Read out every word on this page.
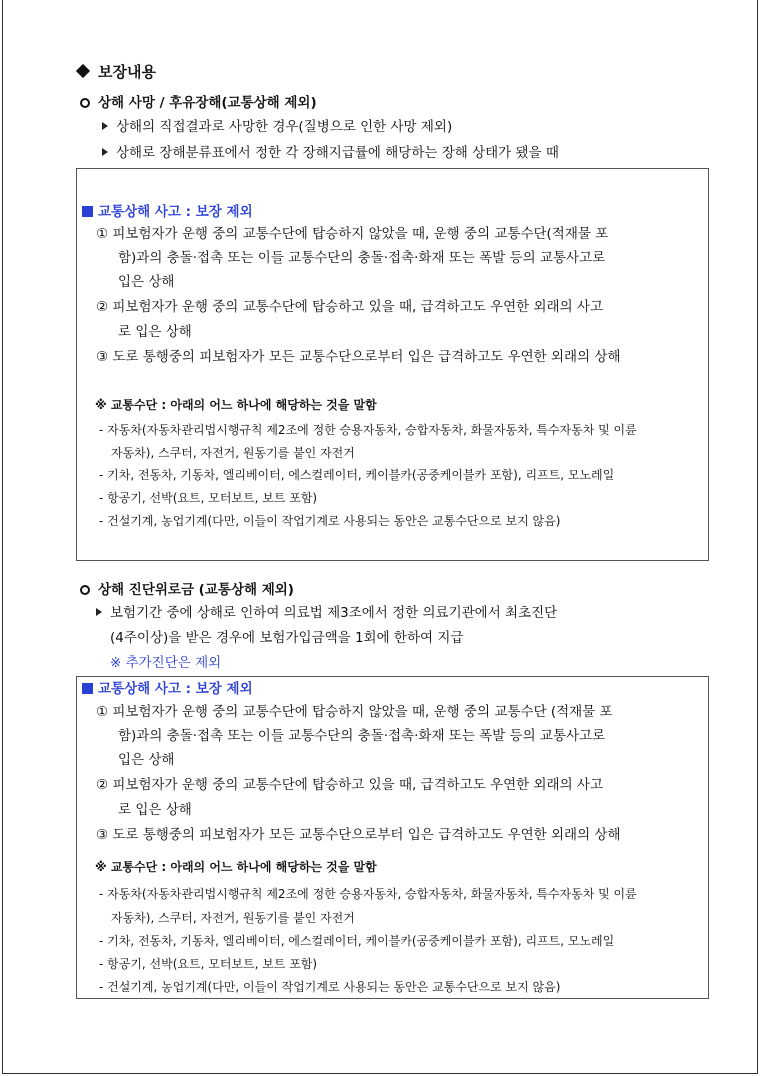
보장내용
상해 사망 / 후유장해(교통상해 제외)
상해의 직접결과로 사망한 경우(질병으로 인한 사망 제외)
상해로 장해분류표에서 정한 각 장해지급률에 해당하는 장해 상태가 됐을 때
교통상해 사고 : 보장 제외
① 피보험자가 운행 중의 교통수단에 탑승하지 않았을 때, 운행 중의 교통수단(적재물 포
함)과의 충돌·접촉 또는 이들 교통수단의 충돌·접촉·화재 또는 폭발 등의 교통사고로
입은 상해
② 피보험자가 운행 중의 교통수단에 탑승하고 있을 때, 급격하고도 우연한 외래의 사고
로 입은 상해
③ 도로 통행중의 피보험자가 모든 교통수단으로부터 입은 급격하고도 우연한 외래의 상해
※ 교통수단 : 아래의 어느 하나에 해당하는 것을 말함
- 자동차(자동차관리법시행규칙 제2조에 정한 승용자동차, 승합자동차, 화물자동차, 특수자동차 및 이륜
자동차), 스쿠터, 자전거, 원동기를 붙인 자전거
- 기차, 전동차, 기동차, 엘리베이터, 에스컬레이터, 케이블카(공중케이블카 포함), 리프트, 모노레일
- 항공기, 선박(요트, 모터보트, 보트 포함)
- 건설기계, 농업기계(다만, 이들이 작업기계로 사용되는 동안은 교통수단으로 보지 않음)
상해 진단위로금 (교통상해 제외)
보험기간 중에 상해로 인하여 의료법 제3조에서 정한 의료기관에서 최초진단
(4주이상)을 받은 경우에 보험가입금액을 1회에 한하여 지급
※ 추가진단은 제외
교통상해 사고 : 보장 제외
① 피보험자가 운행 중의 교통수단에 탑승하지 않았을 때, 운행 중의 교통수단 (적재물 포
함)과의 충돌·접촉 또는 이들 교통수단의 충돌·접촉·화재 또는 폭발 등의 교통사고로
입은 상해
② 피보험자가 운행 중의 교통수단에 탑승하고 있을 때, 급격하고도 우연한 외래의 사고
로 입은 상해
③ 도로 통행중의 피보험자가 모든 교통수단으로부터 입은 급격하고도 우연한 외래의 상해
※ 교통수단 : 아래의 어느 하나에 해당하는 것을 말함
- 자동차(자동차관리법시행규칙 제2조에 정한 승용자동차, 승합자동차, 화물자동차, 특수자동차 및 이륜
자동차), 스쿠터, 자전거, 원동기를 붙인 자전거
- 기차, 전동차, 기동차, 엘리베이터, 에스컬레이터, 케이블카(공중케이블카 포함), 리프트, 모노레일
- 항공기, 선박(요트, 모터보트, 보트 포함)
- 건설기계, 농업기계(다만, 이들이 작업기계로 사용되는 동안은 교통수단으로 보지 않음)
